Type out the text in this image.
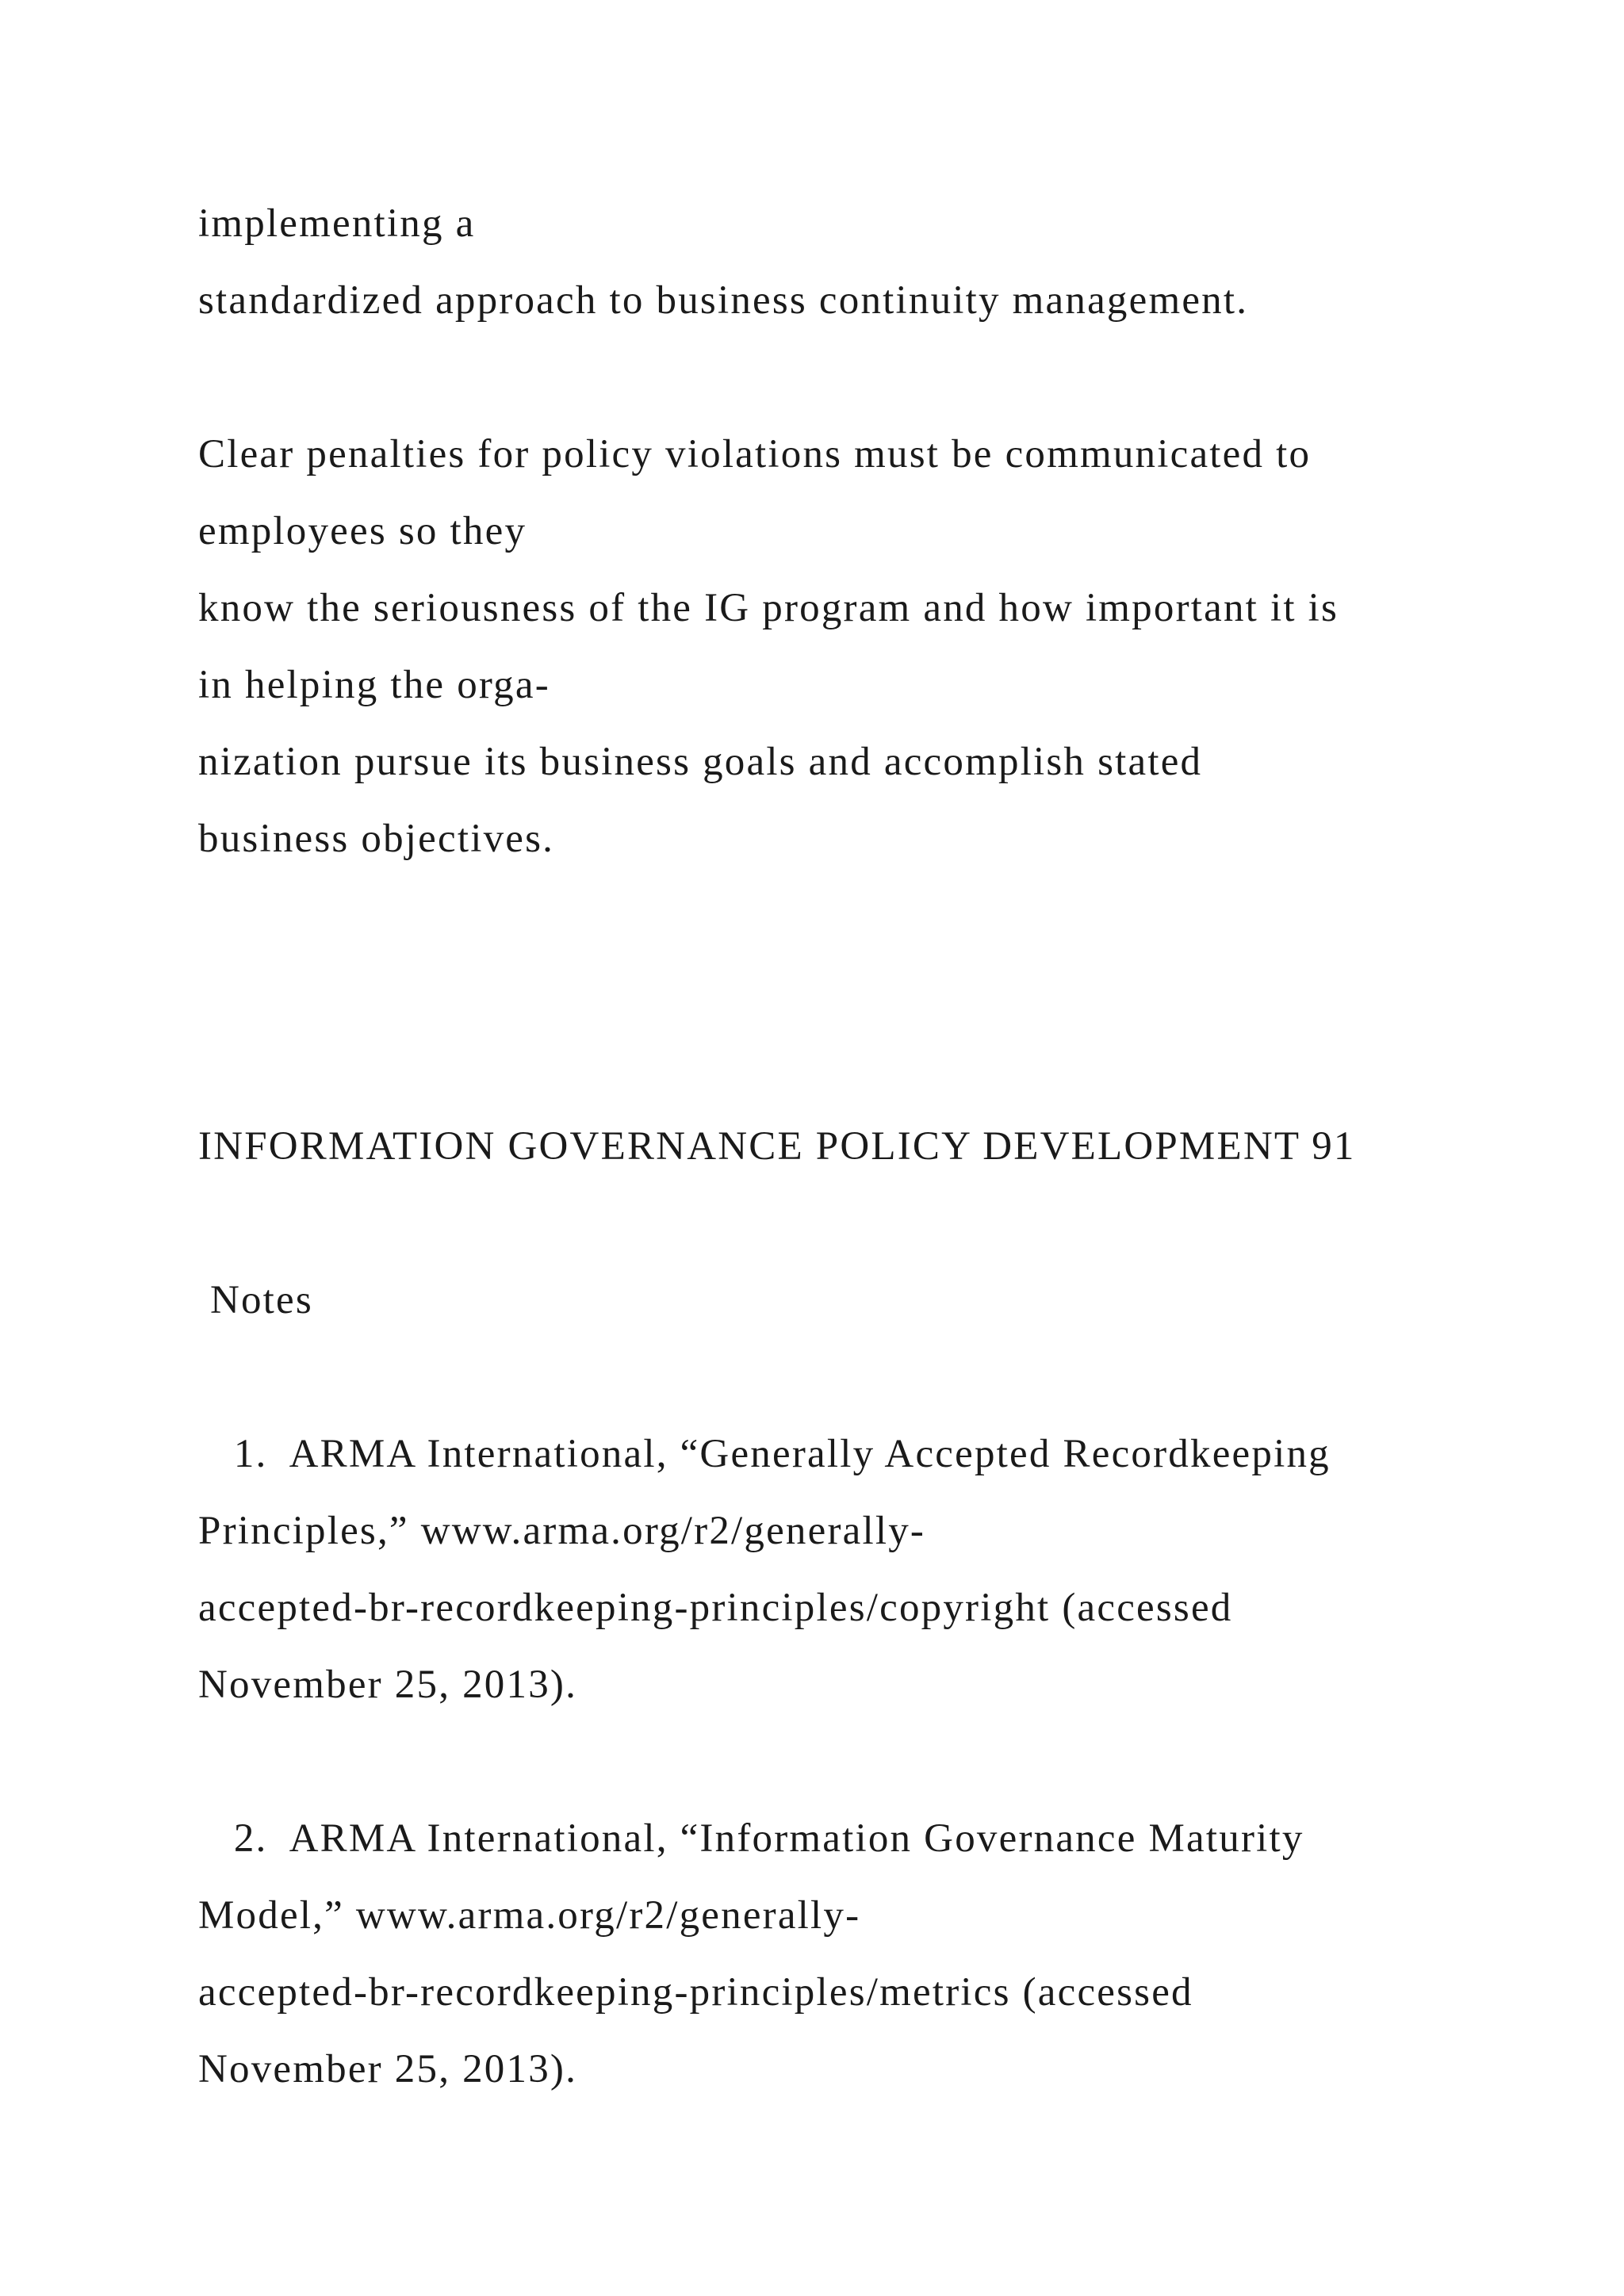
implementing a

standardized approach to business continuity management.

Clear penalties for policy violations must be communicated to

employees so they

know the seriousness of the IG program and how important it is

in helping the orga-

nization pursue its business goals and accomplish stated

business objectives.

INFORMATION GOVERNANCE POLICY DEVELOPMENT 91

Notes

1.  ARMA International, “Generally Accepted Recordkeeping

Principles,” www.arma.org/r2/generally-

accepted-br-recordkeeping-principles/copyright (accessed

November 25, 2013).

2.  ARMA International, “Information Governance Maturity

Model,” www.arma.org/r2/generally-

accepted-br-recordkeeping-principles/metrics (accessed

November 25, 2013).
